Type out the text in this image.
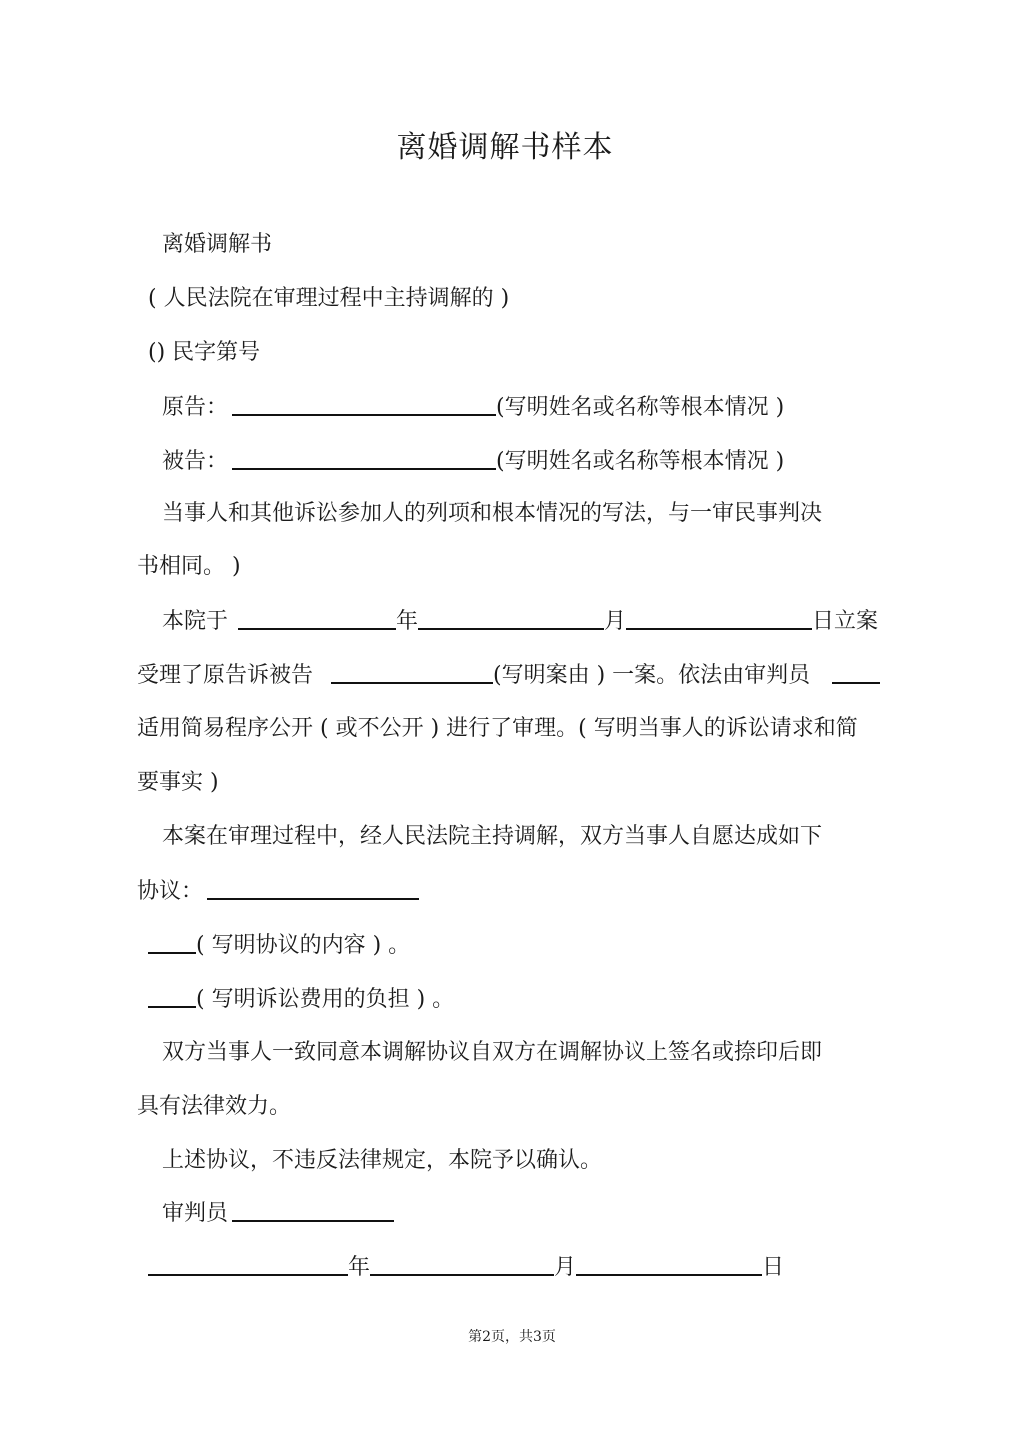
离婚调解书样本
离婚调解书
( 人民法院在审理过程中主持调解的 )
() 民字第号
原告：	(写明姓名或名称等根本情况 )
被告：	(写明姓名或名称等根本情况 )
当事人和其他诉讼参加人的列项和根本情况的写法，与一审民事判决
书相同。 )
本院于	年	月	日立案
受理了原告诉被告	(写明案由 ) 一案。依法由审判员
适用简易程序公开 ( 或不公开 ) 进行了审理。( 写明当事人的诉讼请求和简
要事实 )
本案在审理过程中，经人民法院主持调解，双方当事人自愿达成如下
协议：
( 写明协议的内容 ) 。
( 写明诉讼费用的负担 ) 。
双方当事人一致同意本调解协议自双方在调解协议上签名或捺印后即
具有法律效力。
上述协议，不违反法律规定，本院予以确认。
审判员
年	月	日
第2页，共3页
